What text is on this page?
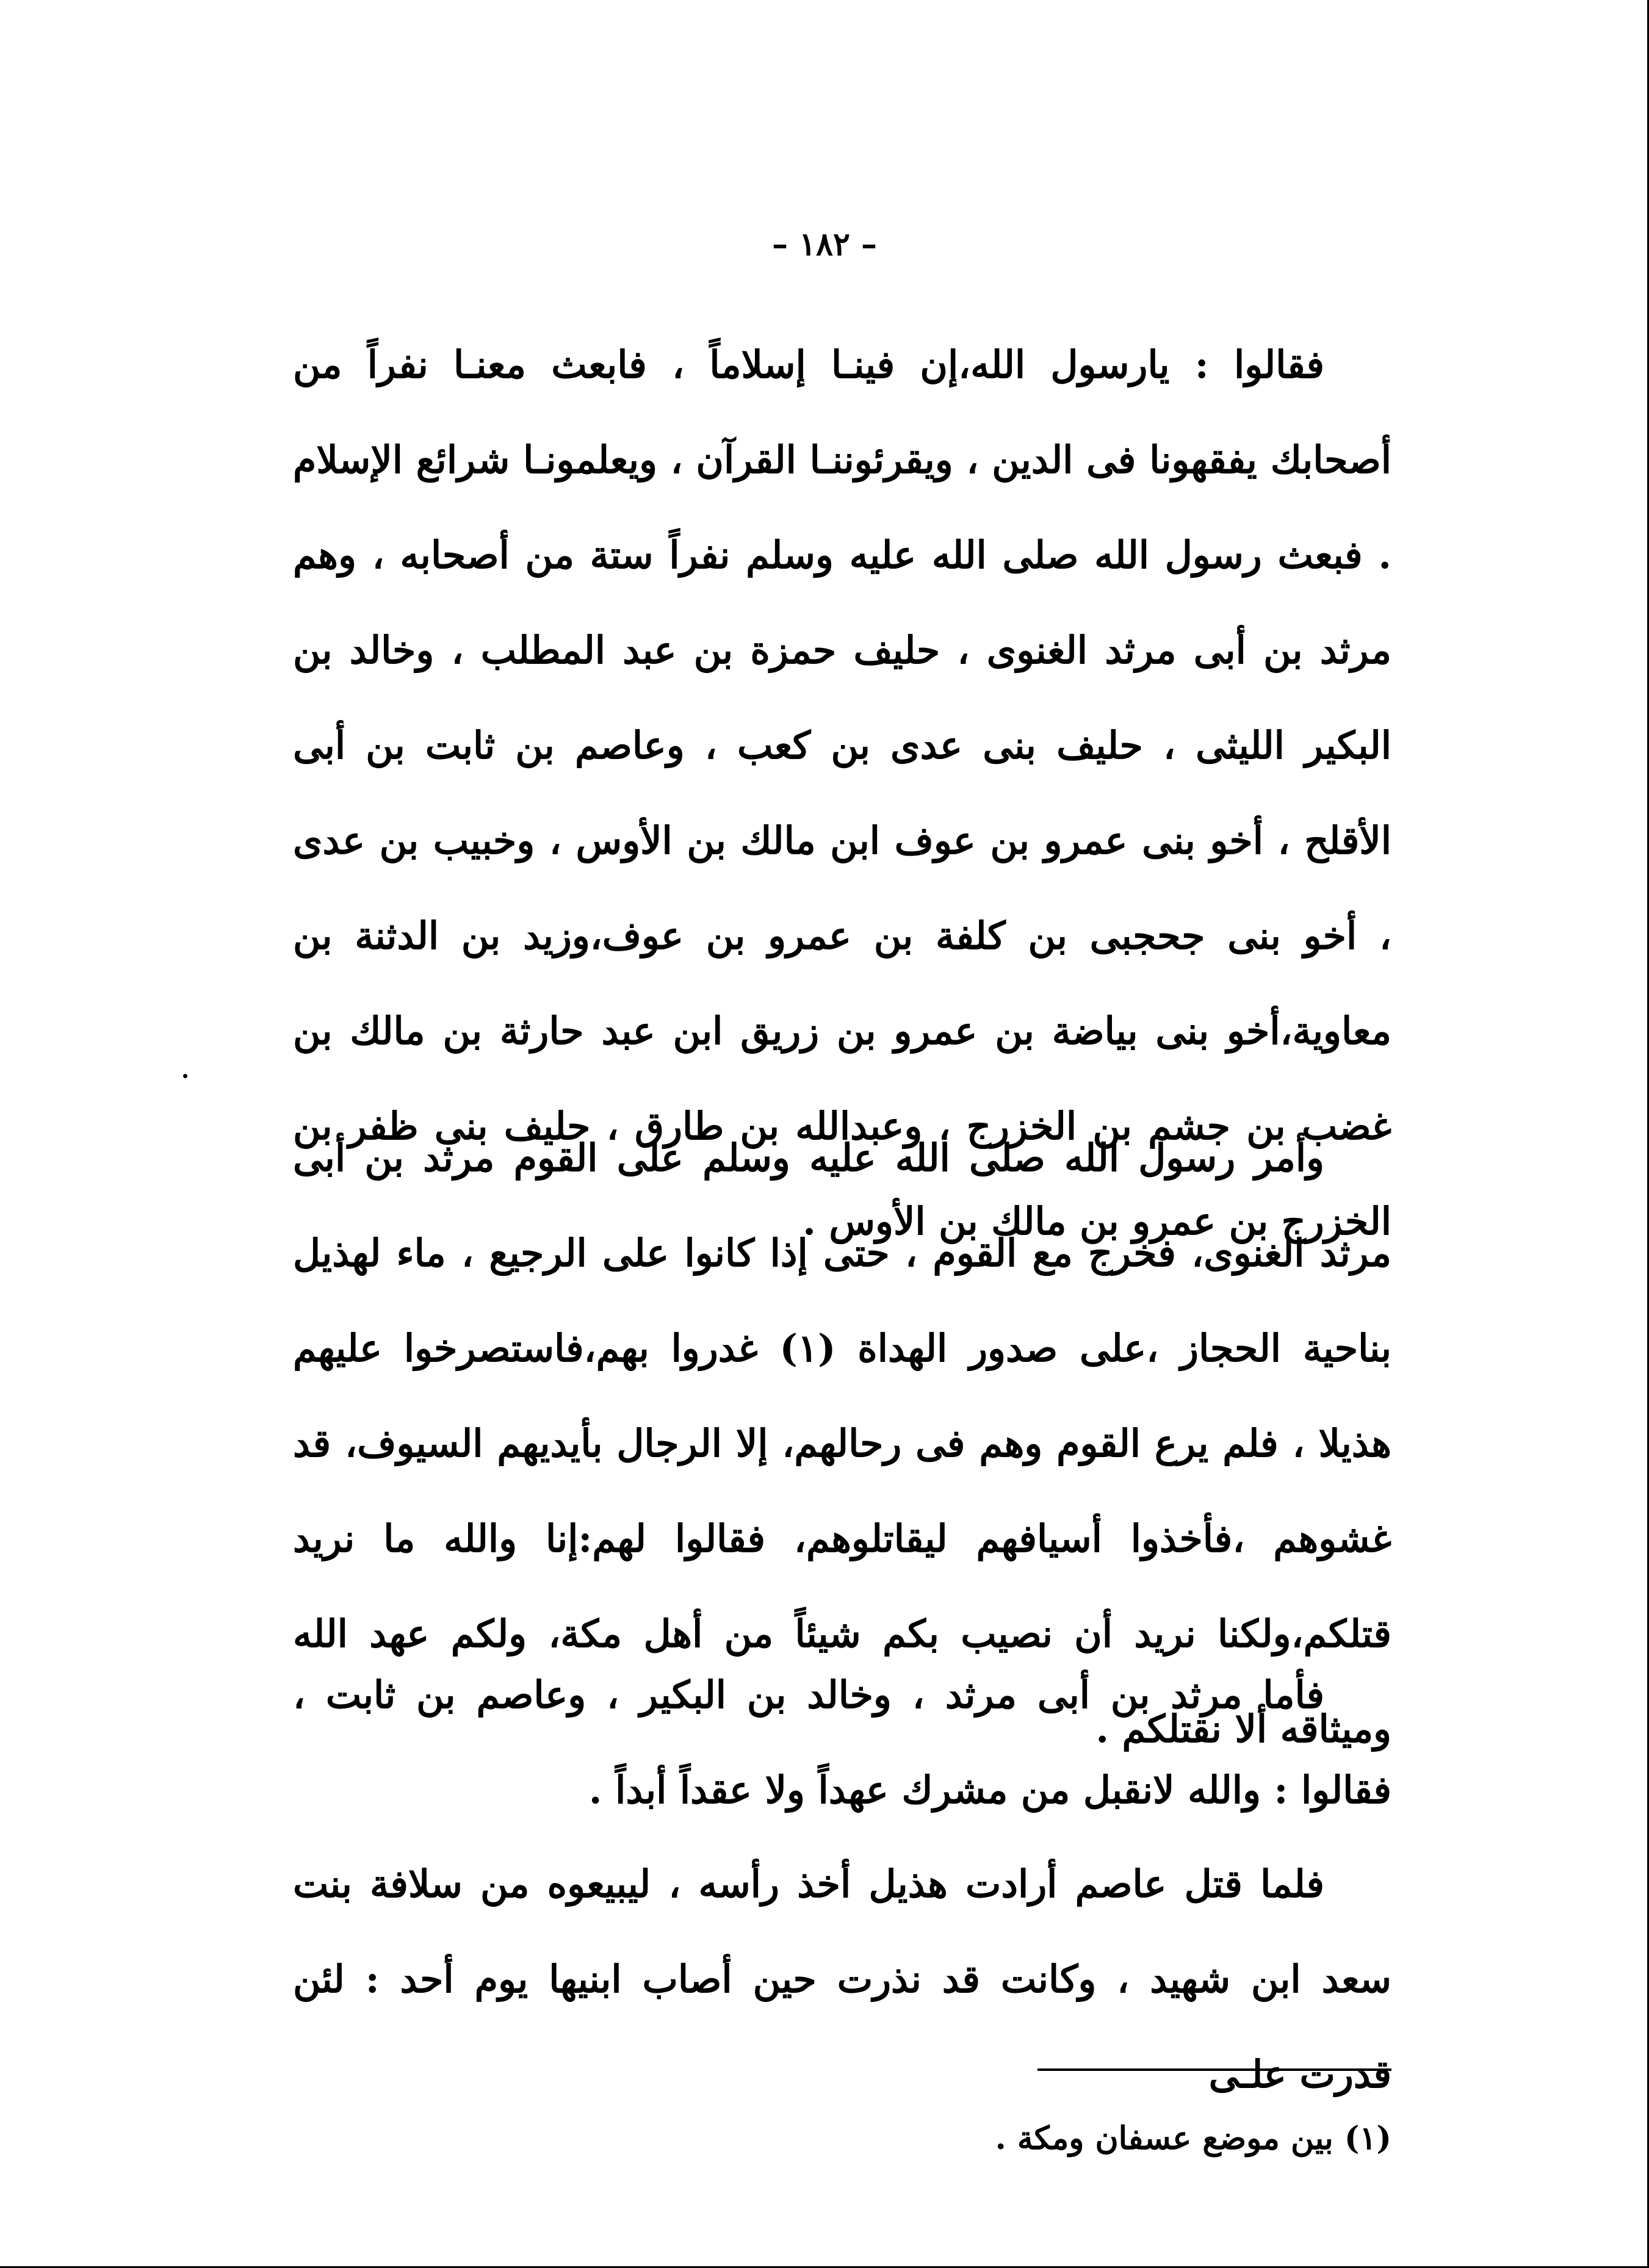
– ١٨٢ –

فقالوا : يارسول الله،إن فينـا إسلاماً ، فابعث معنـا نفراً من أصحابك يفقهونا فى الدين ، ويقرئوننـا القرآن ، ويعلمونـا شرائع الإسلام . فبعث رسول الله صلى الله عليه وسلم نفراً ستة من أصحابه ، وهم مرثد بن أبى مرثد الغنوى ، حليف حمزة بن عبد المطلب ، وخالد بن البكير الليثى ، حليف بنى عدى بن كعب ، وعاصم بن ثابت بن أبى الأقلح ، أخو بنى عمرو بن عوف ابن مالك بن الأوس ، وخبيب بن عدى ، أخو بنى جحجبى بن كلفة بن عمرو بن عوف،وزيد بن الدثنة بن معاوية،أخو بنى بياضة بن عمرو بن زريق ابن عبد حارثة بن مالك بن غضب بن جشم بن الخزرج ، وعبدالله بن طارق ، حليف بنى ظفر بن الخزرج بن عمرو بن مالك بن الأوس .

وأمر رسول الله صلى الله عليه وسلم على القوم مرثد بن أبى مرثد الغنوى، فخرج مع القوم ، حتى إذا كانوا على الرجيع ، ماء لهذيل بناحية الحجاز ،على صدور الهداة (١) غدروا بهم،فاستصرخوا عليهم هذيلا ، فلم يرع القوم وهم فى رحالهم، إلا الرجال بأيديهم السيوف، قد غشوهم ،فأخذوا أسيافهم ليقاتلوهم، فقالوا لهم:إنا والله ما نريد قتلكم،ولكنا نريد أن نصيب بكم شيئاً من أهل مكة، ولكم عهد الله وميثاقه ألا نقتلكم .

فأما مرثد بن أبى مرثد ، وخالد بن البكير ، وعاصم بن ثابت ، فقالوا : والله لانقبل من مشرك عهداً ولا عقداً أبداً .

فلما قتل عاصم أرادت هذيل أخذ رأسه ، ليبيعوه من سلافة بنت سعد ابن شهيد ، وكانت قد نذرت حين أصاب ابنيها يوم أحد : لئن قدرت علـى

(١) بين موضع عسفان ومكة .
